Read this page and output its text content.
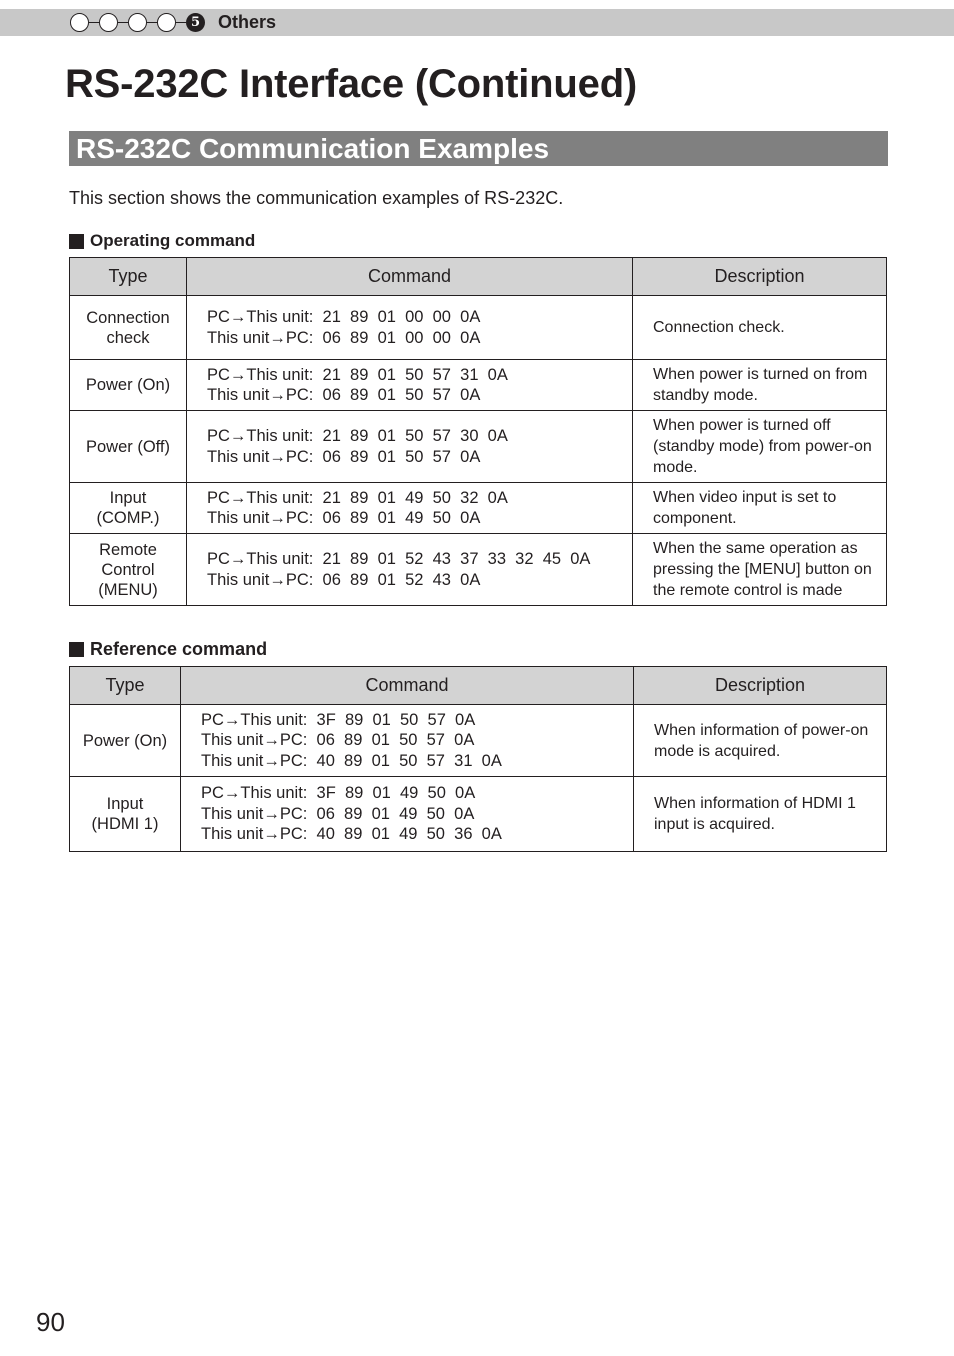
5 Others
RS-232C Interface (Continued)
RS-232C Communication Examples

This section shows the communication examples of RS-232C.

Operating command
Type	Command	Description
Connection
check	PC→This unit:  21  89  01  00  00  0A
This unit→PC:  06  89  01  00  00  0A	Connection check.
Power (On)	PC→This unit:  21  89  01  50  57  31  0A
This unit→PC:  06  89  01  50  57  0A	When power is turned on from standby mode.
Power (Off)	PC→This unit:  21  89  01  50  57  30  0A
This unit→PC:  06  89  01  50  57  0A	When power is turned off (standby mode) from power-on mode.
Input
(COMP.)	PC→This unit:  21  89  01  49  50  32  0A
This unit→PC:  06  89  01  49  50  0A	When video input is set to component.
Remote
Control
(MENU)	PC→This unit:  21  89  01  52  43  37  33  32  45  0A
This unit→PC:  06  89  01  52  43  0A	When the same operation as pressing the [MENU] button on the remote control is made
Reference command
Type	Command	Description
Power (On)	PC→This unit:  3F  89  01  50  57  0A
This unit→PC:  06  89  01  50  57  0A
This unit→PC:  40  89  01  50  57  31  0A	When information of power-on mode is acquired.
Input
(HDMI 1)	PC→This unit:  3F  89  01  49  50  0A
This unit→PC:  06  89  01  49  50  0A
This unit→PC:  40  89  01  49  50  36  0A	When information of HDMI 1 input is acquired.
90
